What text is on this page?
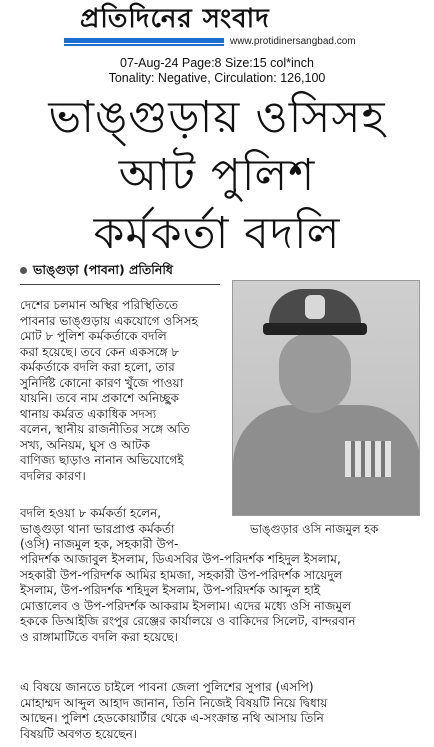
প্রতিদিনের সংবাদ
www.protidinersangbad.com
07-Aug-24 Page:8 Size:15 col*inch
Tonality: Negative, Circulation: 126,100
ভাঙ্গুড়ায় ওসিসহ
আট পুলিশ
কর্মকর্তা বদলি
ভাঙ্গুড়া (পাবনা) প্রতিনিধি
ভাঙ্গুড়ার ওসি নাজমুল হক
দেশের চলমান অস্থির পরিস্থিতিতে
পাবনার ভাঙ্গুড়ায় একযোগে ওসিসহ
মোট ৮ পুলিশ কর্মকর্তাকে বদলি
করা হয়েছে। তবে কেন একসঙ্গে ৮
কর্মকর্তাকে বদলি করা হলো, তার
সুনির্দিষ্ট কোনো কারণ খুঁজে পাওয়া
যায়নি। তবে নাম প্রকাশে অনিচ্ছুক
থানায় কর্মরত একাধিক সদস্য
বলেন, স্থানীয় রাজনীতির সঙ্গে অতি
সখ্য, অনিয়ম, ঘুস ও আটক
বাণিজ্য ছাড়াও নানান অভিযোগেই
বদলির কারণ।
বদলি হওয়া ৮ কর্মকর্তা হলেন,
ভাঙ্গুড়া থানা ভারপ্রাপ্ত কর্মকর্তা
(ওসি) নাজমুল হক, সহকারী উপ-
পরিদর্শক আজাবুল ইসলাম, ডিএসবির উপ-পরিদর্শক শহিদুল ইসলাম,
সহকারী উপ-পরিদর্শক আমির হামজা, সহকারী উপ-পরিদর্শক সায়েদুল
ইসলাম, উপ-পরিদর্শক শহিদুল ইসলাম, উপ-পরিদর্শক আব্দুল হাই
মোত্তালেব ও উপ-পরিদর্শক আকরাম ইসলাম। এদের মধ্যে ওসি নাজমুল
হককে ডিআইজি রংপুর রেঞ্জের কার্যালয়ে ও বাকিদের সিলেট, বান্দরবান
ও রাঙ্গামাটিতে বদলি করা হয়েছে।
এ বিষয়ে জানতে চাইলে পাবনা জেলা পুলিশের সুপার (এসপি)
মোহাম্মদ আব্দুল আহাদ জানান, তিনি নিজেই বিষয়টি নিয়ে দ্বিধায়
আছেন। পুলিশ হেডকোয়ার্টার থেকে এ-সংক্রান্ত নথি আসায় তিনি
বিষয়টি অবগত হয়েছেন।
